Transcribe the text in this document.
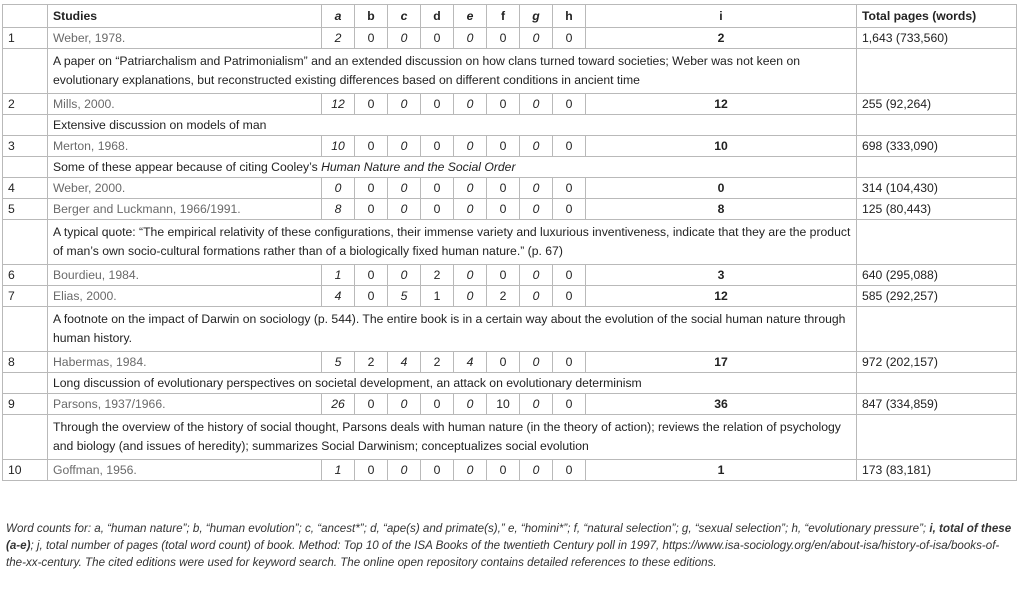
	Studies	a	b	c	d	e	f	g	h	i	Total pages (words)
1	Weber, 1978.	2	0	0	0	0	0	0	0	2	1,643 (733,560)
	A paper on “Patriarchalism and Patrimonialism” and an extended discussion on how clans turned toward societies; Weber was not keen on evolutionary explanations, but reconstructed existing differences based on different conditions in ancient time										
2	Mills, 2000.	12	0	0	0	0	0	0	0	12	255 (92,264)
	Extensive discussion on models of man										
3	Merton, 1968.	10	0	0	0	0	0	0	0	10	698 (333,090)
	Some of these appear because of citing Cooley’s Human Nature and the Social Order										
4	Weber, 2000.	0	0	0	0	0	0	0	0	0	314 (104,430)
5	Berger and Luckmann, 1966/1991.	8	0	0	0	0	0	0	0	8	125 (80,443)
	A typical quote: “The empirical relativity of these configurations, their immense variety and luxurious inventiveness, indicate that they are the product of man’s own socio-cultural formations rather than of a biologically fixed human nature.” (p. 67)										
6	Bourdieu, 1984.	1	0	0	2	0	0	0	0	3	640 (295,088)
7	Elias, 2000.	4	0	5	1	0	2	0	0	12	585 (292,257)
	A footnote on the impact of Darwin on sociology (p. 544). The entire book is in a certain way about the evolution of the social human nature through human history.										
8	Habermas, 1984.	5	2	4	2	4	0	0	0	17	972 (202,157)
	Long discussion of evolutionary perspectives on societal development, an attack on evolutionary determinism										
9	Parsons, 1937/1966.	26	0	0	0	0	10	0	0	36	847 (334,859)
	Through the overview of the history of social thought, Parsons deals with human nature (in the theory of action); reviews the relation of psychology and biology (and issues of heredity); summarizes Social Darwinism; conceptualizes social evolution										
10	Goffman, 1956.	1	0	0	0	0	0	0	0	1	173 (83,181)
Word counts for: a, “human nature”; b, “human evolution”; c, “ancest*”; d, “ape(s) and primate(s),” e, “homini*”; f, “natural selection”; g, “sexual selection”; h, “evolutionary pressure”; i, total of these (a-e); j, total number of pages (total word count) of book. Method: Top 10 of the ISA Books of the twentieth Century poll in 1997, https://www.isa-sociology.org/en/about-isa/history-of-isa/books-of-the-xx-century. The cited editions were used for keyword search. The online open repository contains detailed references to these editions.
